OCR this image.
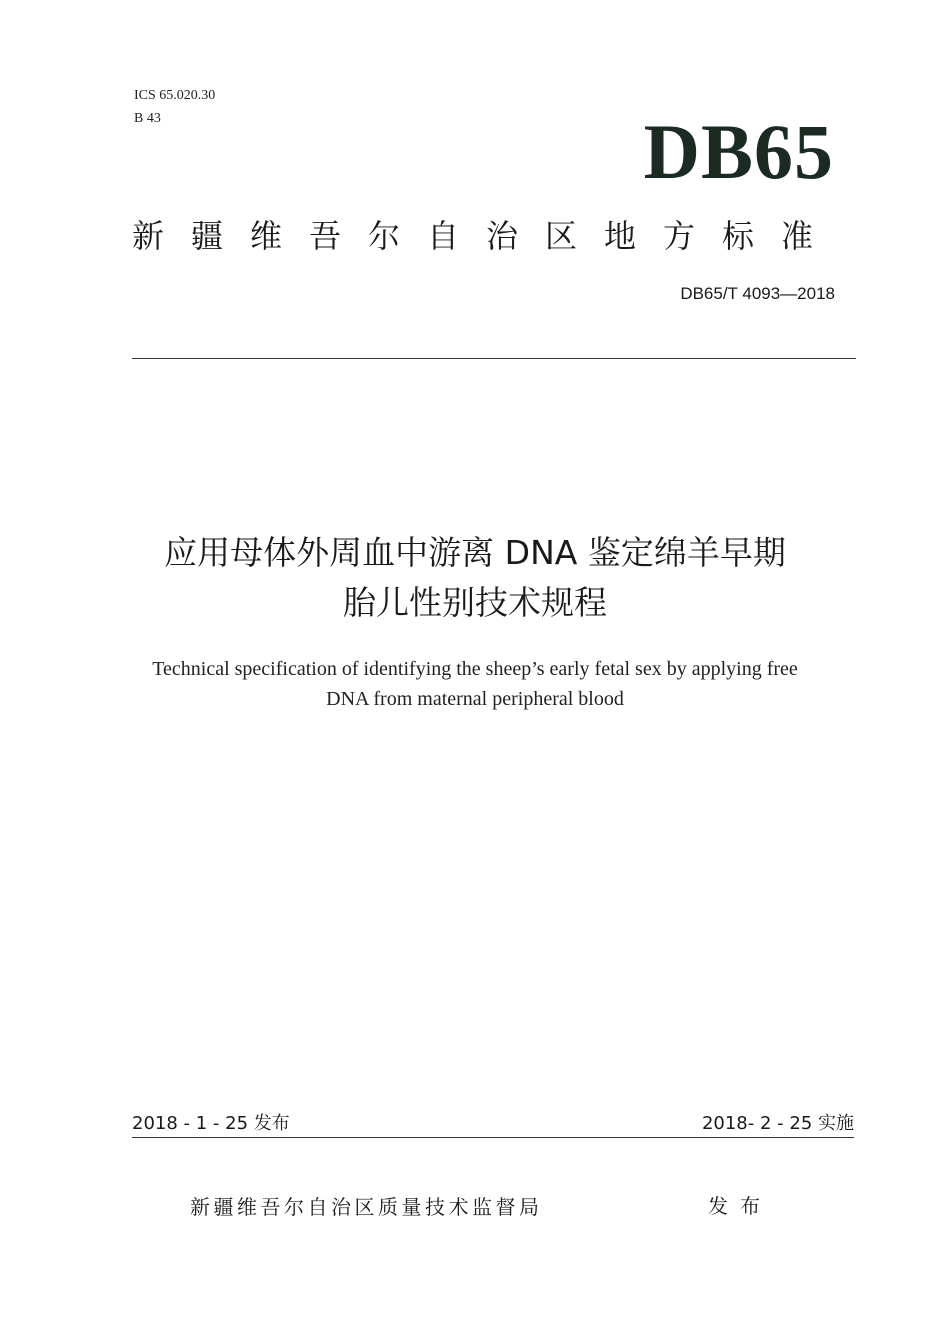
ICS 65.020.30
B 43	DB65
新疆维吾尔自治区地方标准
DB65/T 4093—2018
应用母体外周血中游离 DNA 鉴定绵羊早期
胎儿性别技术规程
Technical specification of identifying the sheep’s early fetal sex by applying free
DNA from maternal peripheral blood
2018 - 1 - 25 发布	2018- 2 - 25 实施
新疆维吾尔自治区质量技术监督局	发布
